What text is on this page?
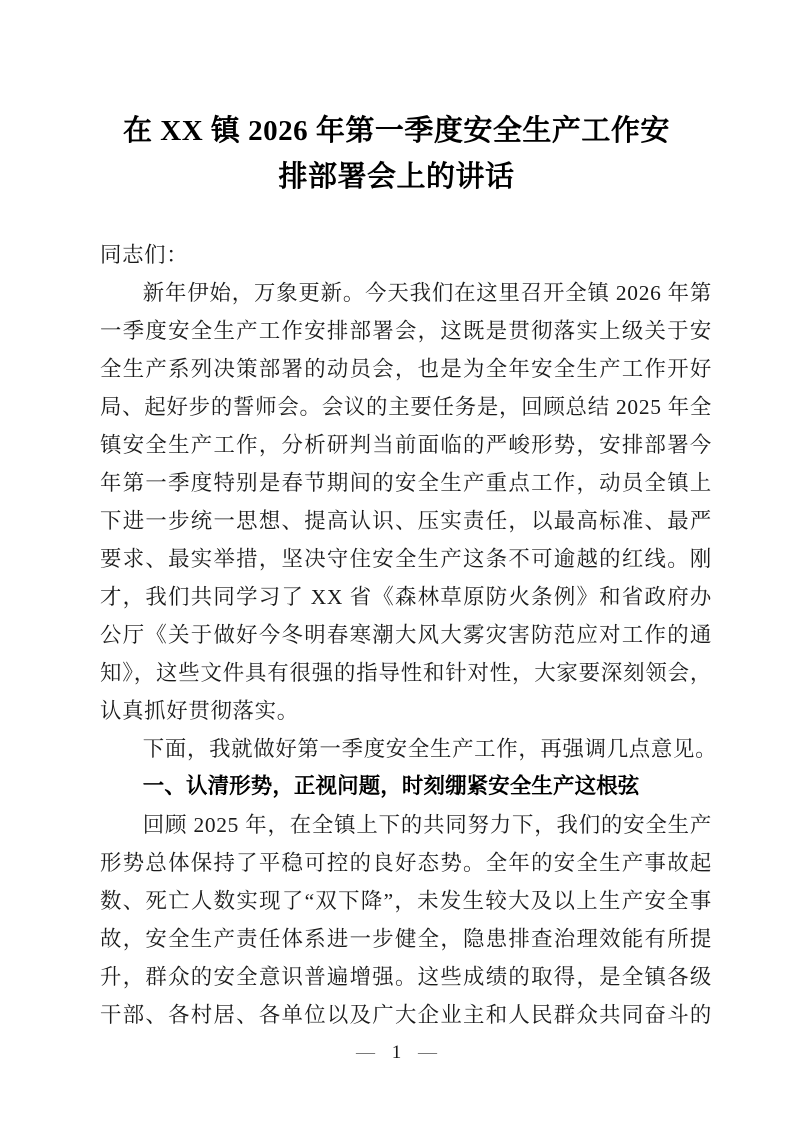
在 XX 镇 2026 年第一季度安全生产工作安
排部署会上的讲话
同志们：
新年伊始，万象更新。今天我们在这里召开全镇 2026 年第一季度安全生产工作安排部署会，这既是贯彻落实上级关于安全生产系列决策部署的动员会，也是为全年安全生产工作开好局、起好步的誓师会。会议的主要任务是，回顾总结 2025 年全镇安全生产工作，分析研判当前面临的严峻形势，安排部署今年第一季度特别是春节期间的安全生产重点工作，动员全镇上下进一步统一思想、提高认识、压实责任，以最高标准、最严要求、最实举措，坚决守住安全生产这条不可逾越的红线。刚才，我们共同学习了 XX 省《森林草原防火条例》和省政府办公厅《关于做好今冬明春寒潮大风大雾灾害防范应对工作的通知》，这些文件具有很强的指导性和针对性，大家要深刻领会，认真抓好贯彻落实。
下面，我就做好第一季度安全生产工作，再强调几点意见。
一、认清形势，正视问题，时刻绷紧安全生产这根弦
回顾 2025 年，在全镇上下的共同努力下，我们的安全生产形势总体保持了平稳可控的良好态势。全年的安全生产事故起数、死亡人数实现了“双下降”，未发生较大及以上生产安全事故，安全生产责任体系进一步健全，隐患排查治理效能有所提升，群众的安全意识普遍增强。这些成绩的取得，是全镇各级干部、各村居、各单位以及广大企业主和人民群众共同奋斗的
— 1 —
